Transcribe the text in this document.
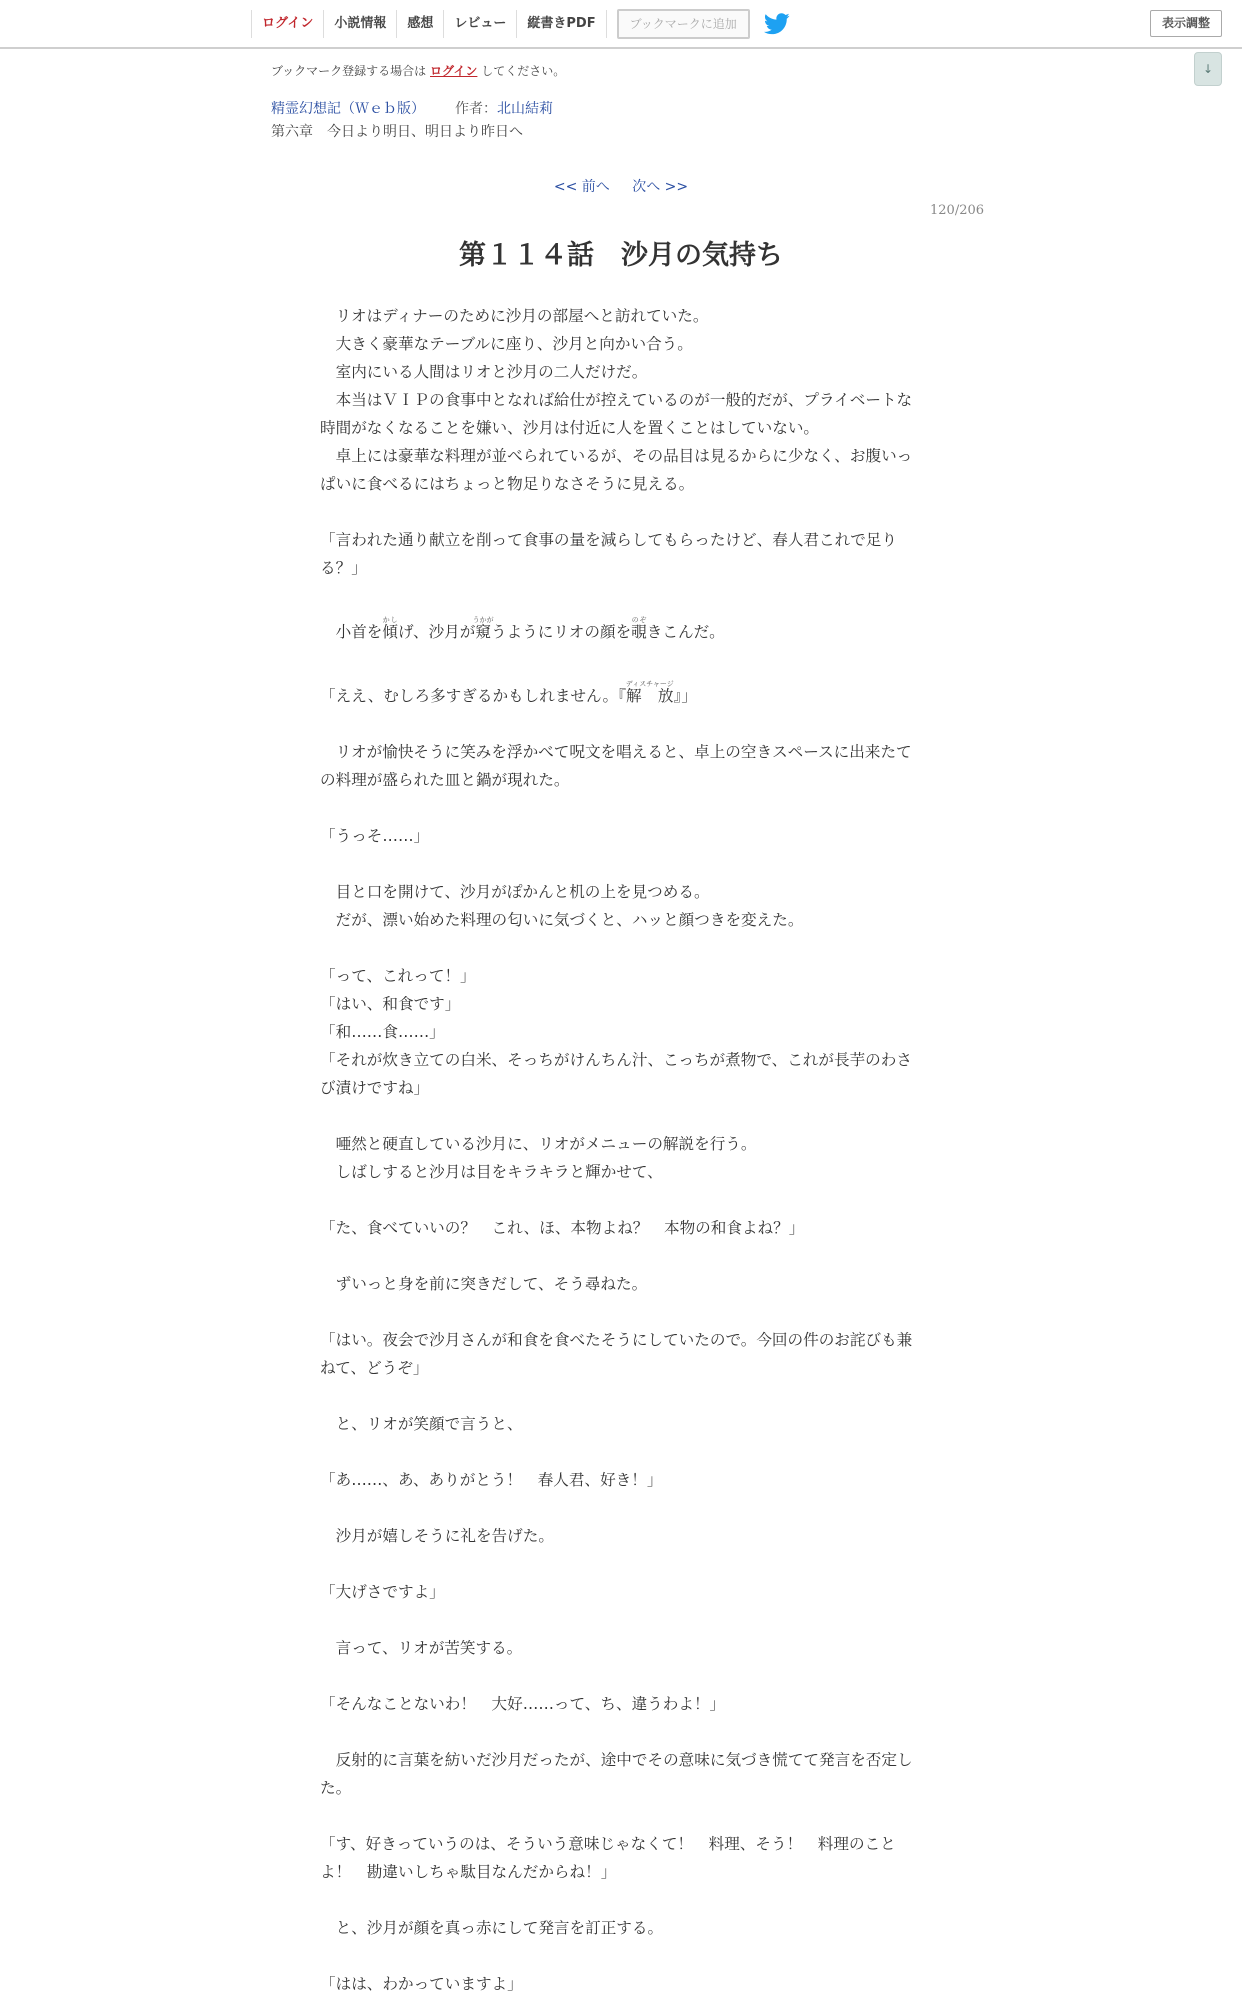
ログイン	小説情報	感想	レビュー	縦書きPDF	ブックマークに追加	表示調整
↓
ブックマーク登録する場合は ログイン してください。
精霊幻想記（Ｗｅｂ版） 作者：北山結莉
第六章　今日より明日、明日より昨日へ
<< 前へ 次へ >>
120/206
第１１４話　沙月の気持ち

　リオはディナーのために沙月の部屋へと訪れていた。

　大きく豪華なテーブルに座り、沙月と向かい合う。

　室内にいる人間はリオと沙月の二人だけだ。

　本当はＶＩＰの食事中となれば給仕が控えているのが一般的だが、プライベートな時間がなくなることを嫌い、沙月は付近に人を置くことはしていない。

　卓上には豪華な料理が並べられているが、その品目は見るからに少なく、お腹いっぱいに食べるにはちょっと物足りなさそうに見える。

「言われた通り献立を削って食事の量を減らしてもらったけど、春人君これで足りる？」

　小首を傾かしげ、沙月が窺うかがうようにリオの顔を覗のぞきこんだ。

「ええ、むしろ多すぎるかもしれません。『解　放ディスチャージ』」

　リオが愉快そうに笑みを浮かべて呪文を唱えると、卓上の空きスペースに出来たての料理が盛られた皿と鍋が現れた。

「うっそ……」

　目と口を開けて、沙月がぽかんと机の上を見つめる。

　だが、漂い始めた料理の匂いに気づくと、ハッと顔つきを変えた。

「って、これって！」

「はい、和食です」

「和……食……」

「それが炊き立ての白米、そっちがけんちん汁、こっちが煮物で、これが長芋のわさび漬けですね」

　唖然と硬直している沙月に、リオがメニューの解説を行う。

　しばしすると沙月は目をキラキラと輝かせて、

「た、食べていいの？　これ、ほ、本物よね？　本物の和食よね？」

　ずいっと身を前に突きだして、そう尋ねた。

「はい。夜会で沙月さんが和食を食べたそうにしていたので。今回の件のお詫びも兼ねて、どうぞ」

　と、リオが笑顔で言うと、

「あ……、あ、ありがとう！　春人君、好き！」

　沙月が嬉しそうに礼を告げた。

「大げさですよ」

　言って、リオが苦笑する。

「そんなことないわ！　大好……って、ち、違うわよ！」

　反射的に言葉を紡いだ沙月だったが、途中でその意味に気づき慌てて発言を否定した。

「す、好きっていうのは、そういう意味じゃなくて！　料理、そう！　料理のことよ！　勘違いしちゃ駄目なんだからね！」

　と、沙月が顔を真っ赤にして発言を訂正する。

「はは、わかっていますよ」
